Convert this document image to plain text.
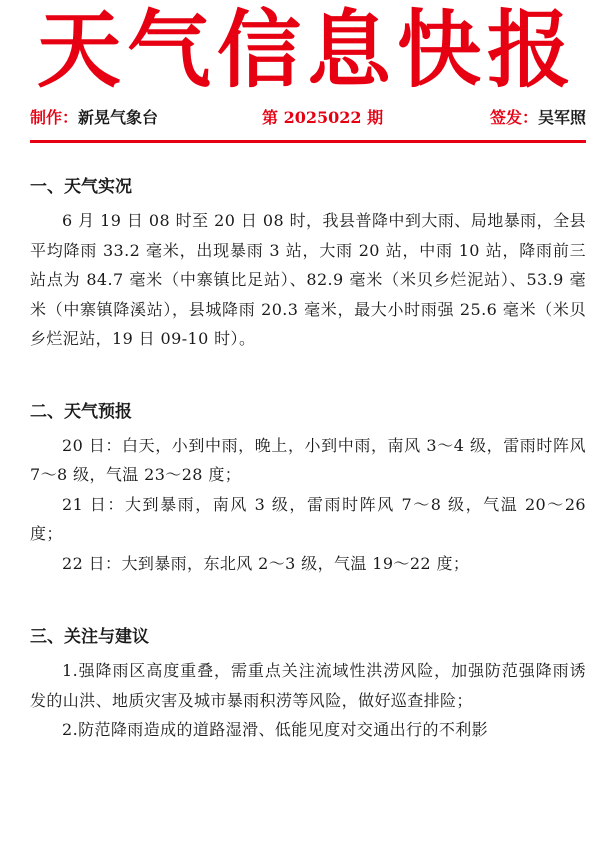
天气信息快报
制作：新晃气象台	第 2025022 期	签发：吴军照

一、天气实况

6 月 19 日 08 时至 20 日 08 时，我县普降中到大雨、局地暴雨，全县平均降雨 33.2 毫米，出现暴雨 3 站，大雨 20 站，中雨 10 站，降雨前三站点为 84.7 毫米（中寨镇比足站）、82.9 毫米（米贝乡烂泥站）、53.9 毫米（中寨镇降溪站），县城降雨 20.3 毫米，最大小时雨强 25.6 毫米（米贝乡烂泥站，19 日 09-10 时）。

二、天气预报

20 日：白天，小到中雨，晚上，小到中雨，南风 3～4 级，雷雨时阵风 7～8 级，气温 23～28 度；

21 日：大到暴雨，南风 3 级，雷雨时阵风 7～8 级，气温 20～26 度；

22 日：大到暴雨，东北风 2～3 级，气温 19～22 度；

三、关注与建议

1.强降雨区高度重叠，需重点关注流域性洪涝风险，加强防范强降雨诱发的山洪、地质灾害及城市暴雨积涝等风险，做好巡查排险；

2.防范降雨造成的道路湿滑、低能见度对交通出行的不利影
